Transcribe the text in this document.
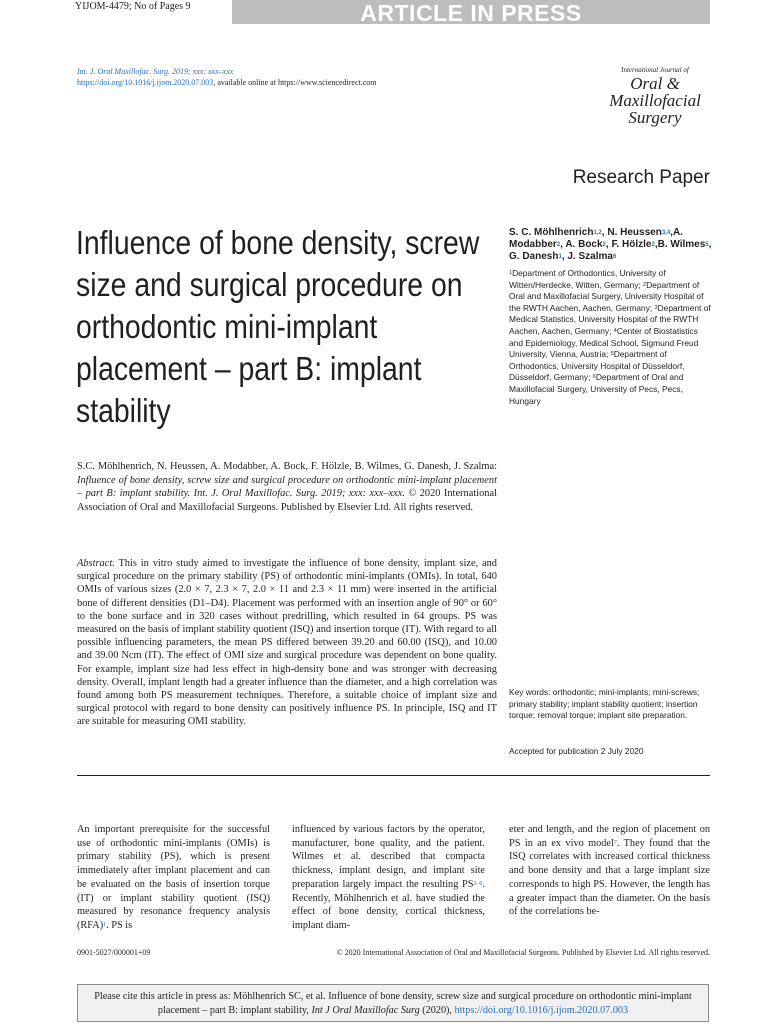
YIJOM-4479; No of Pages 9	ARTICLE IN PRESS
Int. J. Oral Maxillofac. Surg. 2019; xxx: xxx–xxx
https://doi.org/10.1016/j.ijom.2020.07.003, available online at https://www.sciencedirect.com
International Journal of
Oral &
Maxillofacial
Surgery
Research Paper
Influence of bone density, screw size and surgical procedure on orthodontic mini-implant placement – part B: implant stability
S. C. Möhlhenrich$^{1,2}$, N. Heussen$^{3,4}$,A. Modabber$^2$, A. Bock$^2$, F. Hölzle$^2$,B. Wilmes$^5$, G. Danesh$^1$, J. Szalma$^6$
$^1$Department of Orthodontics, University of Witten/Herdecke, Witten, Germany; $^2$Department of Oral and Maxillofacial Surgery, University Hospital of the RWTH Aachen, Aachen, Germany; $^3$Department of Medical Statistics, University Hospital of the RWTH Aachen, Aachen, Germany; $^4$Center of Biostatistics and Epidemiology, Medical School, Sigmund Freud University, Vienna, Austria; $^5$Department of Orthodontics, University Hospital of Düsseldorf, Düsseldorf, Germany; $^6$Department of Oral and Maxillofacial Surgery, University of Pecs, Pecs, Hungary
S.C. Möhlhenrich, N. Heussen, A. Modabber, A. Bock, F. Hölzle, B. Wilmes, G. Danesh, J. Szalma: Influence of bone density, screw size and surgical procedure on orthodontic mini-implant placement – part B: implant stability. Int. J. Oral Maxillofac. Surg. 2019; xxx: xxx–xxx. © 2020 International Association of Oral and Maxillofacial Surgeons. Published by Elsevier Ltd. All rights reserved.
Abstract. This in vitro study aimed to investigate the influence of bone density, implant size, and surgical procedure on the primary stability (PS) of orthodontic mini-implants (OMIs). In total, 640 OMIs of various sizes (2.0 × 7, 2.3 × 7, 2.0 × 11 and 2.3 × 11 mm) were inserted in the artificial bone of different densities (D1–D4). Placement was performed with an insertion angle of 90° or 60° to the bone surface and in 320 cases without predrilling, which resulted in 64 groups. PS was measured on the basis of implant stability quotient (ISQ) and insertion torque (IT). With regard to all possible influencing parameters, the mean PS differed between 39.20 and 60.00 (ISQ), and 10.00 and 39.00 Ncm (IT). The effect of OMI size and surgical procedure was dependent on bone quality. For example, implant size had less effect in high-density bone and was stronger with decreasing density. Overall, implant length had a greater influence than the diameter, and a high correlation was found among both PS measurement techniques. Therefore, a suitable choice of implant size and surgical protocol with regard to bone density can positively influence PS. In principle, ISQ and IT are suitable for measuring OMI stability.
Key words: orthodontic; mini-implants; mini-screws; primary stability; implant stability quotient; insertion torque; removal torque; implant site preparation.
Accepted for publication 2 July 2020
An important prerequisite for the successful use of orthodontic mini-implants (OMIs) is primary stability (PS), which is present immediately after implant placement and can be evaluated on the basis of insertion torque (IT) or implant stability quotient (ISQ) measured by resonance frequency analysis (RFA)$^1$. PS is
influenced by various factors by the operator, manufacturer, bone quality, and the patient. Wilmes et al. described that compacta thickness, implant design, and implant site preparation largely impact the resulting PS$^{2-6}$. Recently, Möhlhenrich et al. have studied the effect of bone density, cortical thickness, implant diam-
eter and length, and the region of placement on PS in an ex vivo model$^7$. They found that the ISQ correlates with increased cortical thickness and bone density and that a large implant size corresponds to high PS. However, the length has a greater impact than the diameter. On the basis of the correlations be-
0901-5027/000001+09	© 2020 International Association of Oral and Maxillofacial Surgeons. Published by Elsevier Ltd. All rights reserved.
Please cite this article in press as: Möhlhenrich SC, et al. Influence of bone density, screw size and surgical procedure on orthodontic mini-implant placement – part B: implant stability, Int J Oral Maxillofac Surg (2020), https://doi.org/10.1016/j.ijom.2020.07.003
